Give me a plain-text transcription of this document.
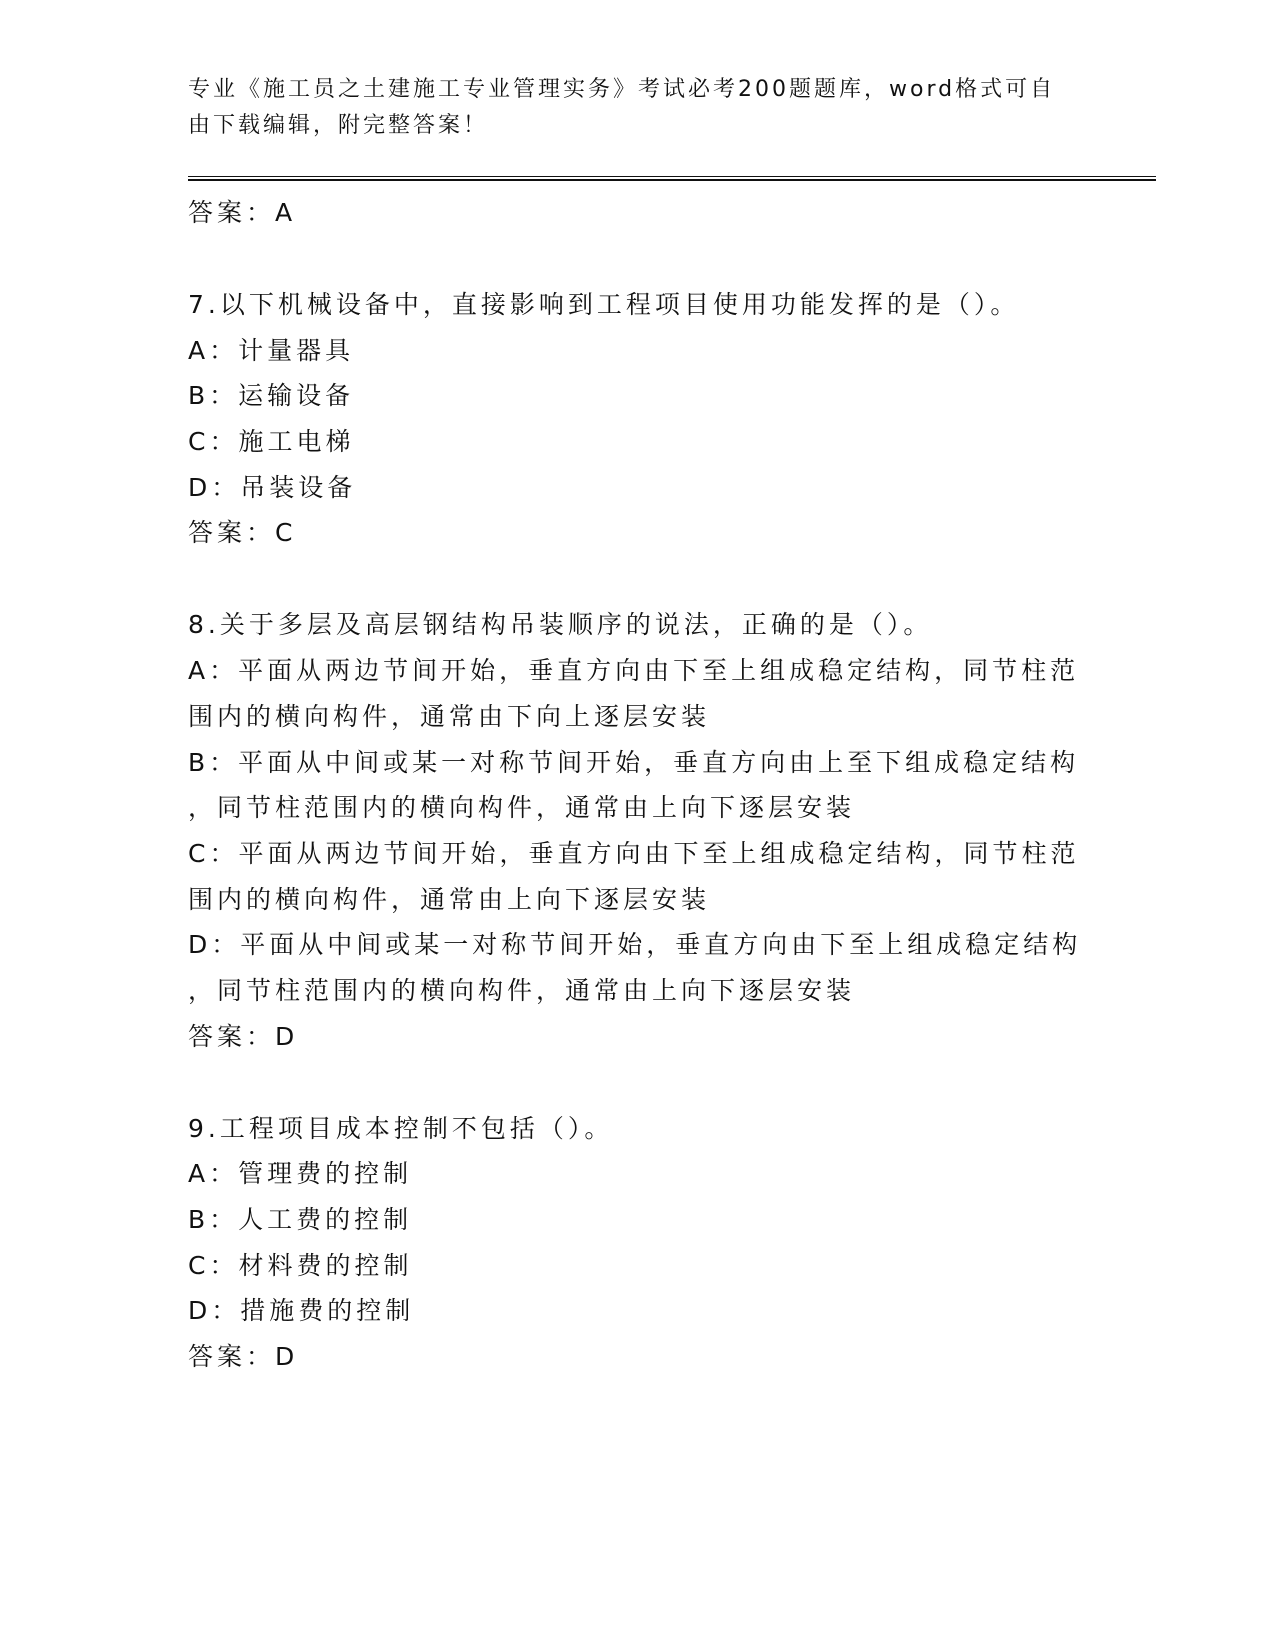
专业《施工员之土建施工专业管理实务》考试必考200题题库，word格式可自由下载编辑，附完整答案！
答案：A
7.以下机械设备中，直接影响到工程项目使用功能发挥的是（）。
A：计量器具
B：运输设备
C：施工电梯
D：吊装设备
答案：C
8.关于多层及高层钢结构吊装顺序的说法，正确的是（）。
A：平面从两边节间开始，垂直方向由下至上组成稳定结构，同节柱范
围内的横向构件，通常由下向上逐层安装
B：平面从中间或某一对称节间开始，垂直方向由上至下组成稳定结构
，同节柱范围内的横向构件，通常由上向下逐层安装
C：平面从两边节间开始，垂直方向由下至上组成稳定结构，同节柱范
围内的横向构件，通常由上向下逐层安装
D：平面从中间或某一对称节间开始，垂直方向由下至上组成稳定结构
，同节柱范围内的横向构件，通常由上向下逐层安装
答案：D
9.工程项目成本控制不包括（）。
A：管理费的控制
B：人工费的控制
C：材料费的控制
D：措施费的控制
答案：D
